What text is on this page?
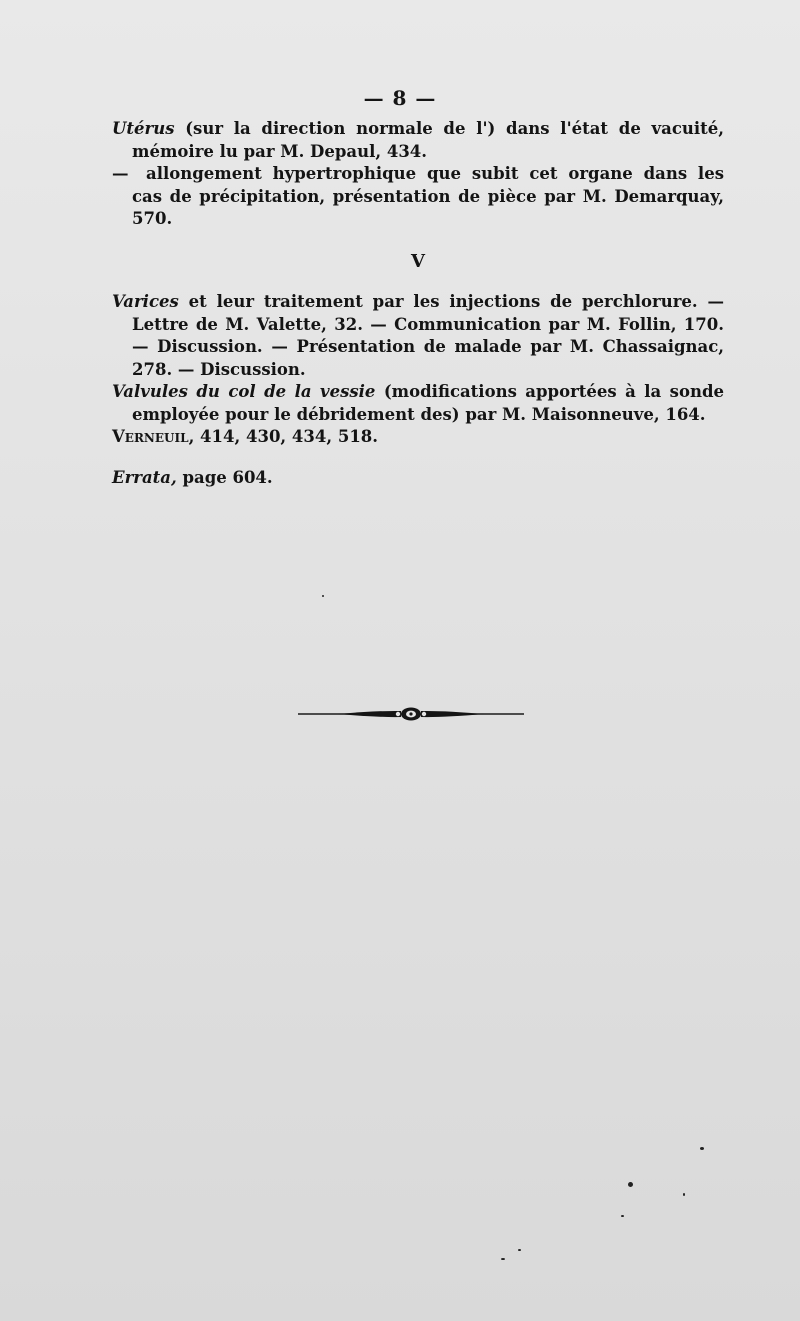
— 8 —

Utérus (sur la direction normale de l') dans l'état de vacuité, mémoire lu par M. Depaul, 434.

— allongement hypertrophique que subit cet organe dans les cas de précipitation, présentation de pièce par M. Demarquay, 570.

V

Varices et leur traitement par les injections de perchlorure. — Lettre de M. Valette, 32. — Communication par M. Follin, 170. — Discussion. — Présentation de malade par M. Chassaignac, 278. — Discussion.

Valvules du col de la vessie (modifications apportées à la sonde employée pour le débridement des) par M. Maisonneuve, 164.

Verneuil, 414, 430, 434, 518.

Errata, page 604.
